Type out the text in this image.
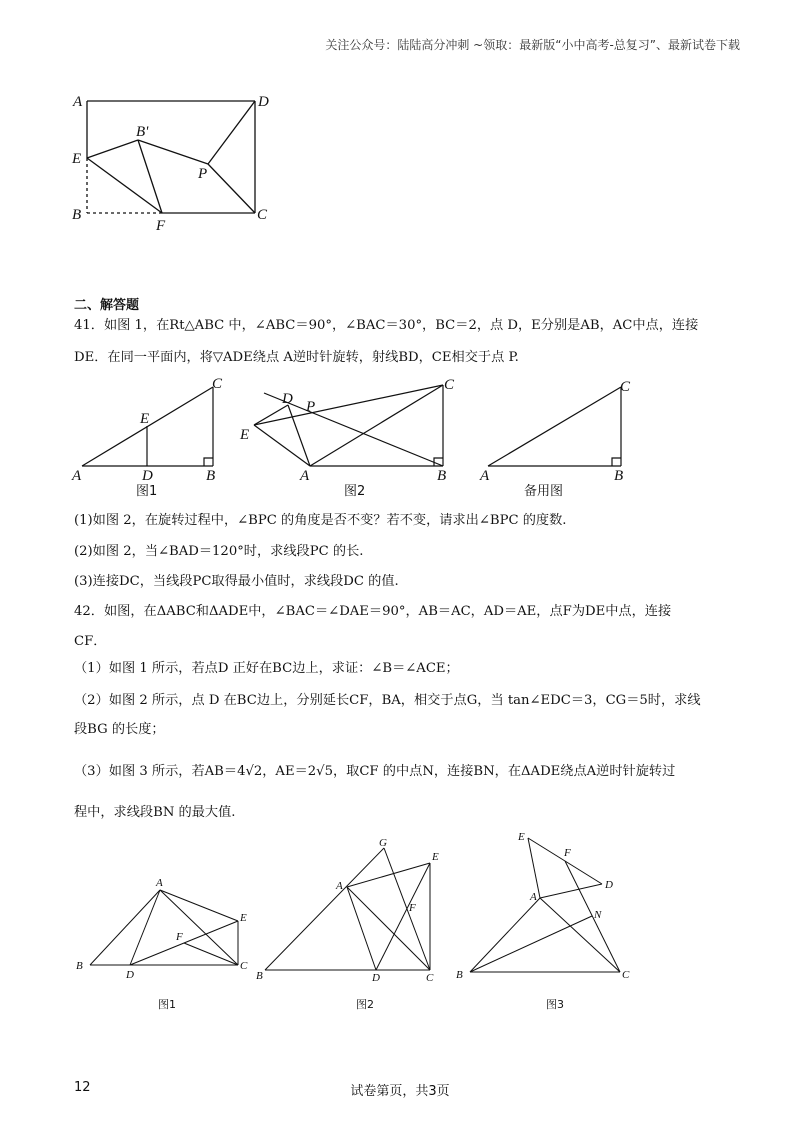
关注公众号：陆陆高分冲刺 ~领取：最新版“小中高考-总复习”、最新试卷下载
A	D
B'
E
P
B
F
C
二、解答题
41．如图 1，在Rt△ABC 中，∠ABC＝90°，∠BAC＝30°，BC＝2，点 D，E分别是AB，AC中点，连接
DE．在同一平面内，将▽ADE绕点 A逆时针旋转，射线BD，CE相交于点 P.
A	D	B
C
E
图1
A	B
C
D
E
P
图2
A	B
C
备用图
(1)如图 2，在旋转过程中，∠BPC 的角度是否不变？若不变，请求出∠BPC 的度数.
(2)如图 2，当∠BAD＝120°时，求线段PC 的长.
(3)连接DC，当线段PC取得最小值时，求线段DC 的值.
42．如图，在ΔABC和ΔADE中，∠BAC＝∠DAE＝90°，AB＝AC，AD＝AE，点F为DE中点，连接
CF．
（1）如图 1 所示，若点D 正好在BC边上，求证：∠B＝∠ACE；
（2）如图 2 所示，点 D 在BC边上，分别延长CF，BA，相交于点G，当 tan∠EDC＝3，CG＝5时，求线
段BG 的长度；
（3）如图 3 所示，若AB＝4√2，AE＝2√5，取CF 的中点N，连接BN，在ΔADE绕点A逆时针旋转过
程中，求线段BN 的最大值.
A
B	C
D
E
F
图1
A
B	C
D
E
F
G
图2
A
B	C
D
E
F
N
图3
12	试卷第页，共3页
